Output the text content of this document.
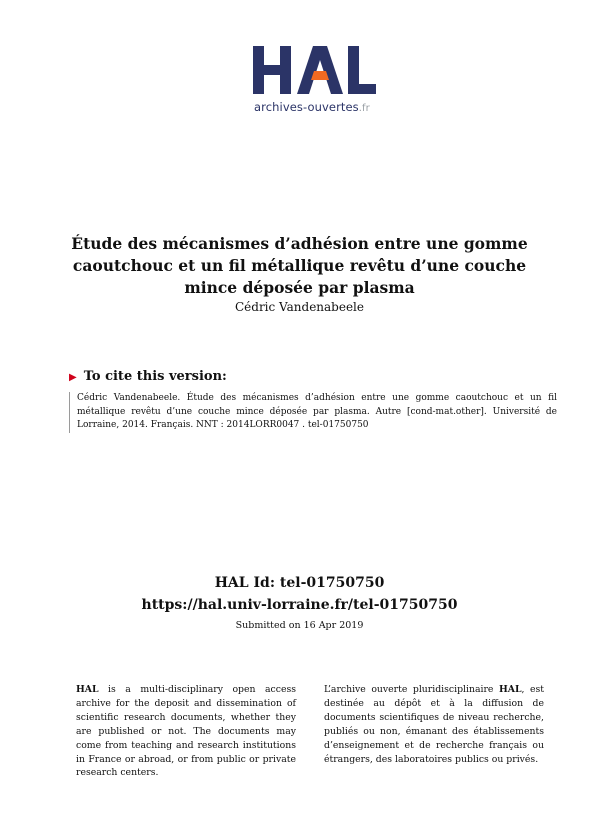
archives-ouvertes.fr
Étude des mécanismes d’adhésion entre une gomme
caoutchouc et un fil métallique revêtu d’une couche
mince déposée par plasma
Cédric Vandenabeele
▶ To cite this version:
Cédric Vandenabeele. Étude des mécanismes d’adhésion entre une gomme caoutchouc et un fil métallique revêtu d’une couche mince déposée par plasma. Autre [cond-mat.other]. Université de Lorraine, 2014. Français. NNT : 2014LORR0047 . tel-01750750
HAL Id: tel-01750750
https://hal.univ-lorraine.fr/tel-01750750
Submitted on 16 Apr 2019
HAL is a multi-disciplinary open access archive for the deposit and dissemination of scientific research documents, whether they are published or not. The documents may come from teaching and research institutions in France or abroad, or from public or private research centers.
L’archive ouverte pluridisciplinaire HAL, est destinée au dépôt et à la diffusion de documents scientifiques de niveau recherche, publiés ou non, émanant des établissements d’enseignement et de recherche français ou étrangers, des laboratoires publics ou privés.
